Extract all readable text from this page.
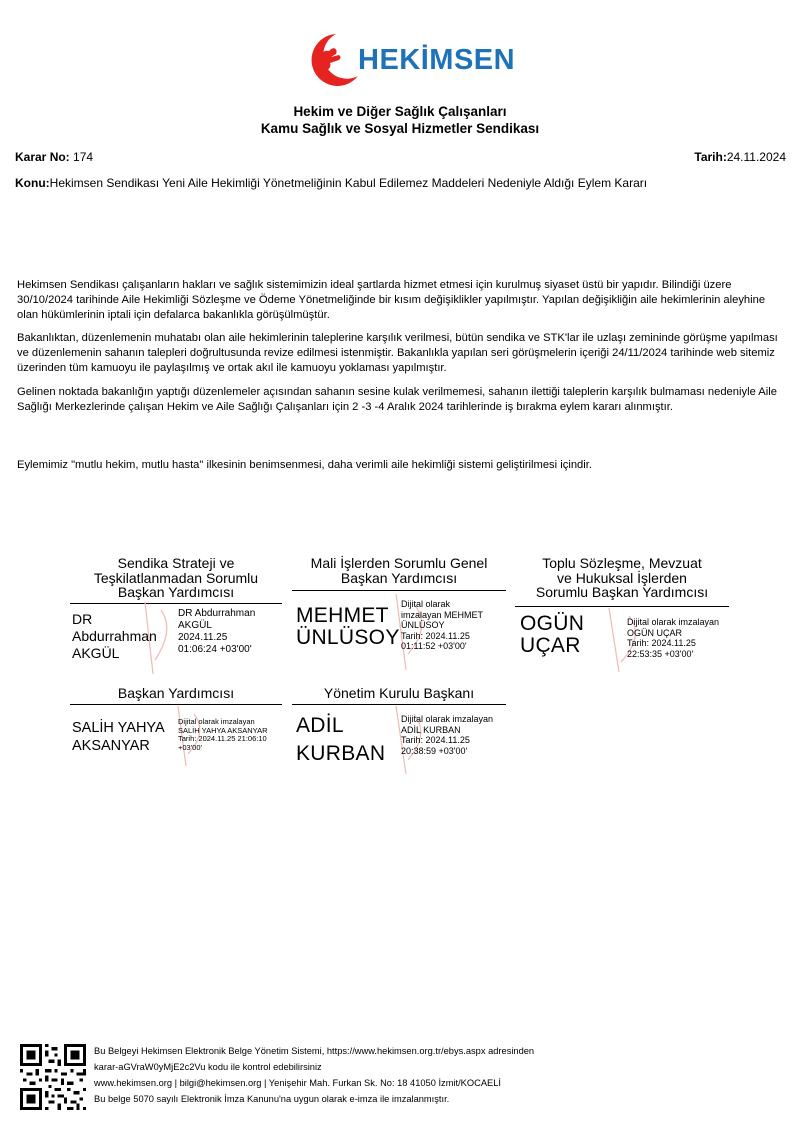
HEKİMSEN
Hekim ve Diğer Sağlık Çalışanları
Kamu Sağlık ve Sosyal Hizmetler Sendikası
Karar No: 174	Tarih:24.11.2024
Konu:Hekimsen Sendikası Yeni Aile Hekimliği Yönetmeliğinin Kabul Edilemez Maddeleri Nedeniyle Aldığı Eylem Kararı

Hekimsen Sendikası çalışanların hakları ve sağlık sistemimizin ideal şartlarda hizmet etmesi için kurulmuş siyaset üstü bir yapıdır. Bilindiği üzere 30/10/2024 tarihinde Aile Hekimliği Sözleşme ve Ödeme Yönetmeliğinde bir kısım değişiklikler yapılmıştır. Yapılan değişikliğin aile hekimlerinin aleyhine olan hükümlerinin iptali için defalarca bakanlıkla görüşülmüştür.

Bakanlıktan, düzenlemenin muhatabı olan aile hekimlerinin taleplerine karşılık verilmesi, bütün sendika ve STK'lar ile uzlaşı zemininde görüşme yapılması ve düzenlemenin sahanın talepleri doğrultusunda revize edilmesi istenmiştir. Bakanlıkla yapılan seri görüşmelerin içeriği 24/11/2024 tarihinde web sitemiz üzerinden tüm kamuoyu ile paylaşılmış ve ortak akıl ile kamuoyu yoklaması yapılmıştır.

Gelinen noktada bakanlığın yaptığı düzenlemeler açısından sahanın sesine kulak verilmemesi, sahanın ilettiği taleplerin karşılık bulmaması nedeniyle Aile Sağlığı Merkezlerinde çalışan Hekim ve Aile Sağlığı Çalışanları için 2 -3 -4 Aralık 2024 tarihlerinde iş bırakma eylem kararı alınmıştır.

Eylemimiz "mutlu hekim, mutlu hasta" ilkesinin benimsenmesi, daha verimli aile hekimliği sistemi geliştirilmesi içindir.

Sendika Strateji ve
Teşkilatlanmadan Sorumlu
Başkan Yardımcısı
DR
Abdurrahman
AKGÜL
DR Abdurrahman
AKGÜL
2024.11.25
01:06:24 +03'00'
Mali İşlerden Sorumlu Genel
Başkan Yardımcısı
MEHMET
ÜNLÜSOY
Dijital olarak
imzalayan MEHMET
ÜNLÜSOY
Tarih: 2024.11.25
01:11:52 +03'00'
Toplu Sözleşme, Mevzuat
ve Hukuksal İşlerden
Sorumlu Başkan Yardımcısı
OGÜN
UÇAR
Dijital olarak imzalayan
OGÜN UÇAR
Tarih: 2024.11.25
22:53:35 +03'00'
Başkan Yardımcısı
SALİH YAHYA
AKSANYAR
Dijital olarak imzalayan
SALİH YAHYA AKSANYAR
Tarih: 2024.11.25 21:06:10
+03'00'
Yönetim Kurulu Başkanı
ADİL
KURBAN
Dijital olarak imzalayan
ADİL KURBAN
Tarih: 2024.11.25
20:38:59 +03'00'
Bu Belgeyi Hekimsen Elektronik Belge Yönetim Sistemi, https://www.hekimsen.org.tr/ebys.aspx adresinden
karar-aGVraW0yMjE2c2Vu kodu ile kontrol edebilirsiniz
www.hekimsen.org | bilgi@hekimsen.org | Yenişehir Mah. Furkan Sk. No: 18 41050 İzmit/KOCAELİ
Bu belge 5070 sayılı Elektronik İmza Kanunu'na uygun olarak e-imza ile imzalanmıştır.
